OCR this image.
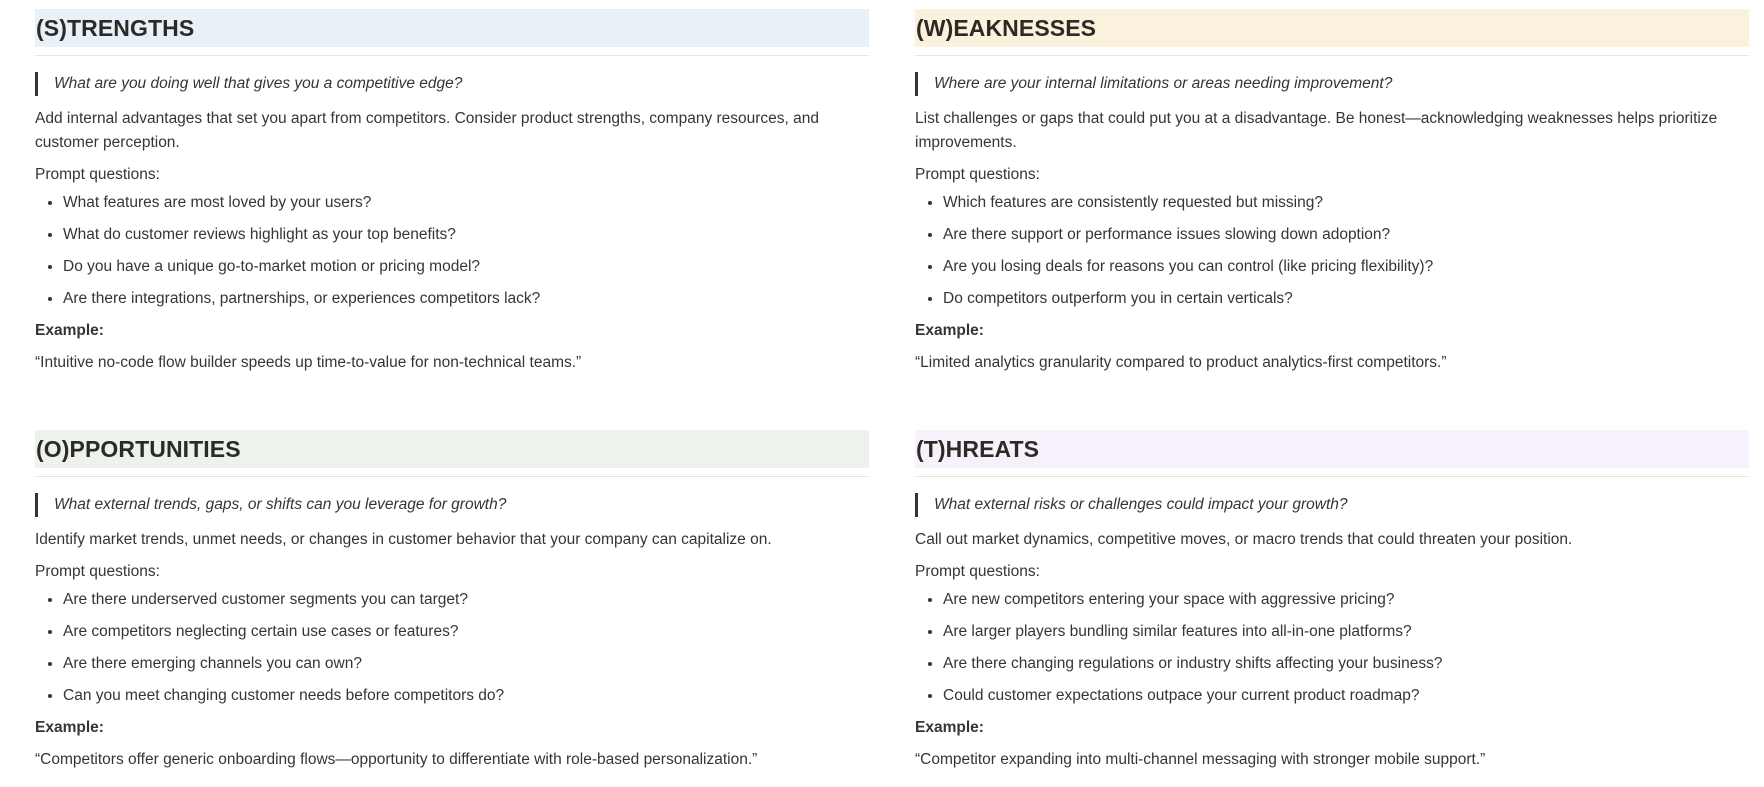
(S)TRENGTHS
What are you doing well that gives you a competitive edge?
Add internal advantages that set you apart from competitors. Consider product strengths, company resources, and customer perception.
Prompt questions:
• What features are most loved by your users?
• What do customer reviews highlight as your top benefits?
• Do you have a unique go-to-market motion or pricing model?
• Are there integrations, partnerships, or experiences competitors lack?
Example:
“Intuitive no-code flow builder speeds up time-to-value for non-technical teams.”
(W)EAKNESSES
Where are your internal limitations or areas needing improvement?
List challenges or gaps that could put you at a disadvantage. Be honest—acknowledging weaknesses helps prioritize improvements.
Prompt questions:
• Which features are consistently requested but missing?
• Are there support or performance issues slowing down adoption?
• Are you losing deals for reasons you can control (like pricing flexibility)?
• Do competitors outperform you in certain verticals?
Example:
“Limited analytics granularity compared to product analytics-first competitors.”
(O)PPORTUNITIES
What external trends, gaps, or shifts can you leverage for growth?
Identify market trends, unmet needs, or changes in customer behavior that your company can capitalize on.
Prompt questions:
• Are there underserved customer segments you can target?
• Are competitors neglecting certain use cases or features?
• Are there emerging channels you can own?
• Can you meet changing customer needs before competitors do?
Example:
“Competitors offer generic onboarding flows—opportunity to differentiate with role-based personalization.”
(T)HREATS
What external risks or challenges could impact your growth?
Call out market dynamics, competitive moves, or macro trends that could threaten your position.
Prompt questions:
• Are new competitors entering your space with aggressive pricing?
• Are larger players bundling similar features into all-in-one platforms?
• Are there changing regulations or industry shifts affecting your business?
• Could customer expectations outpace your current product roadmap?
Example:
“Competitor expanding into multi-channel messaging with stronger mobile support.”
